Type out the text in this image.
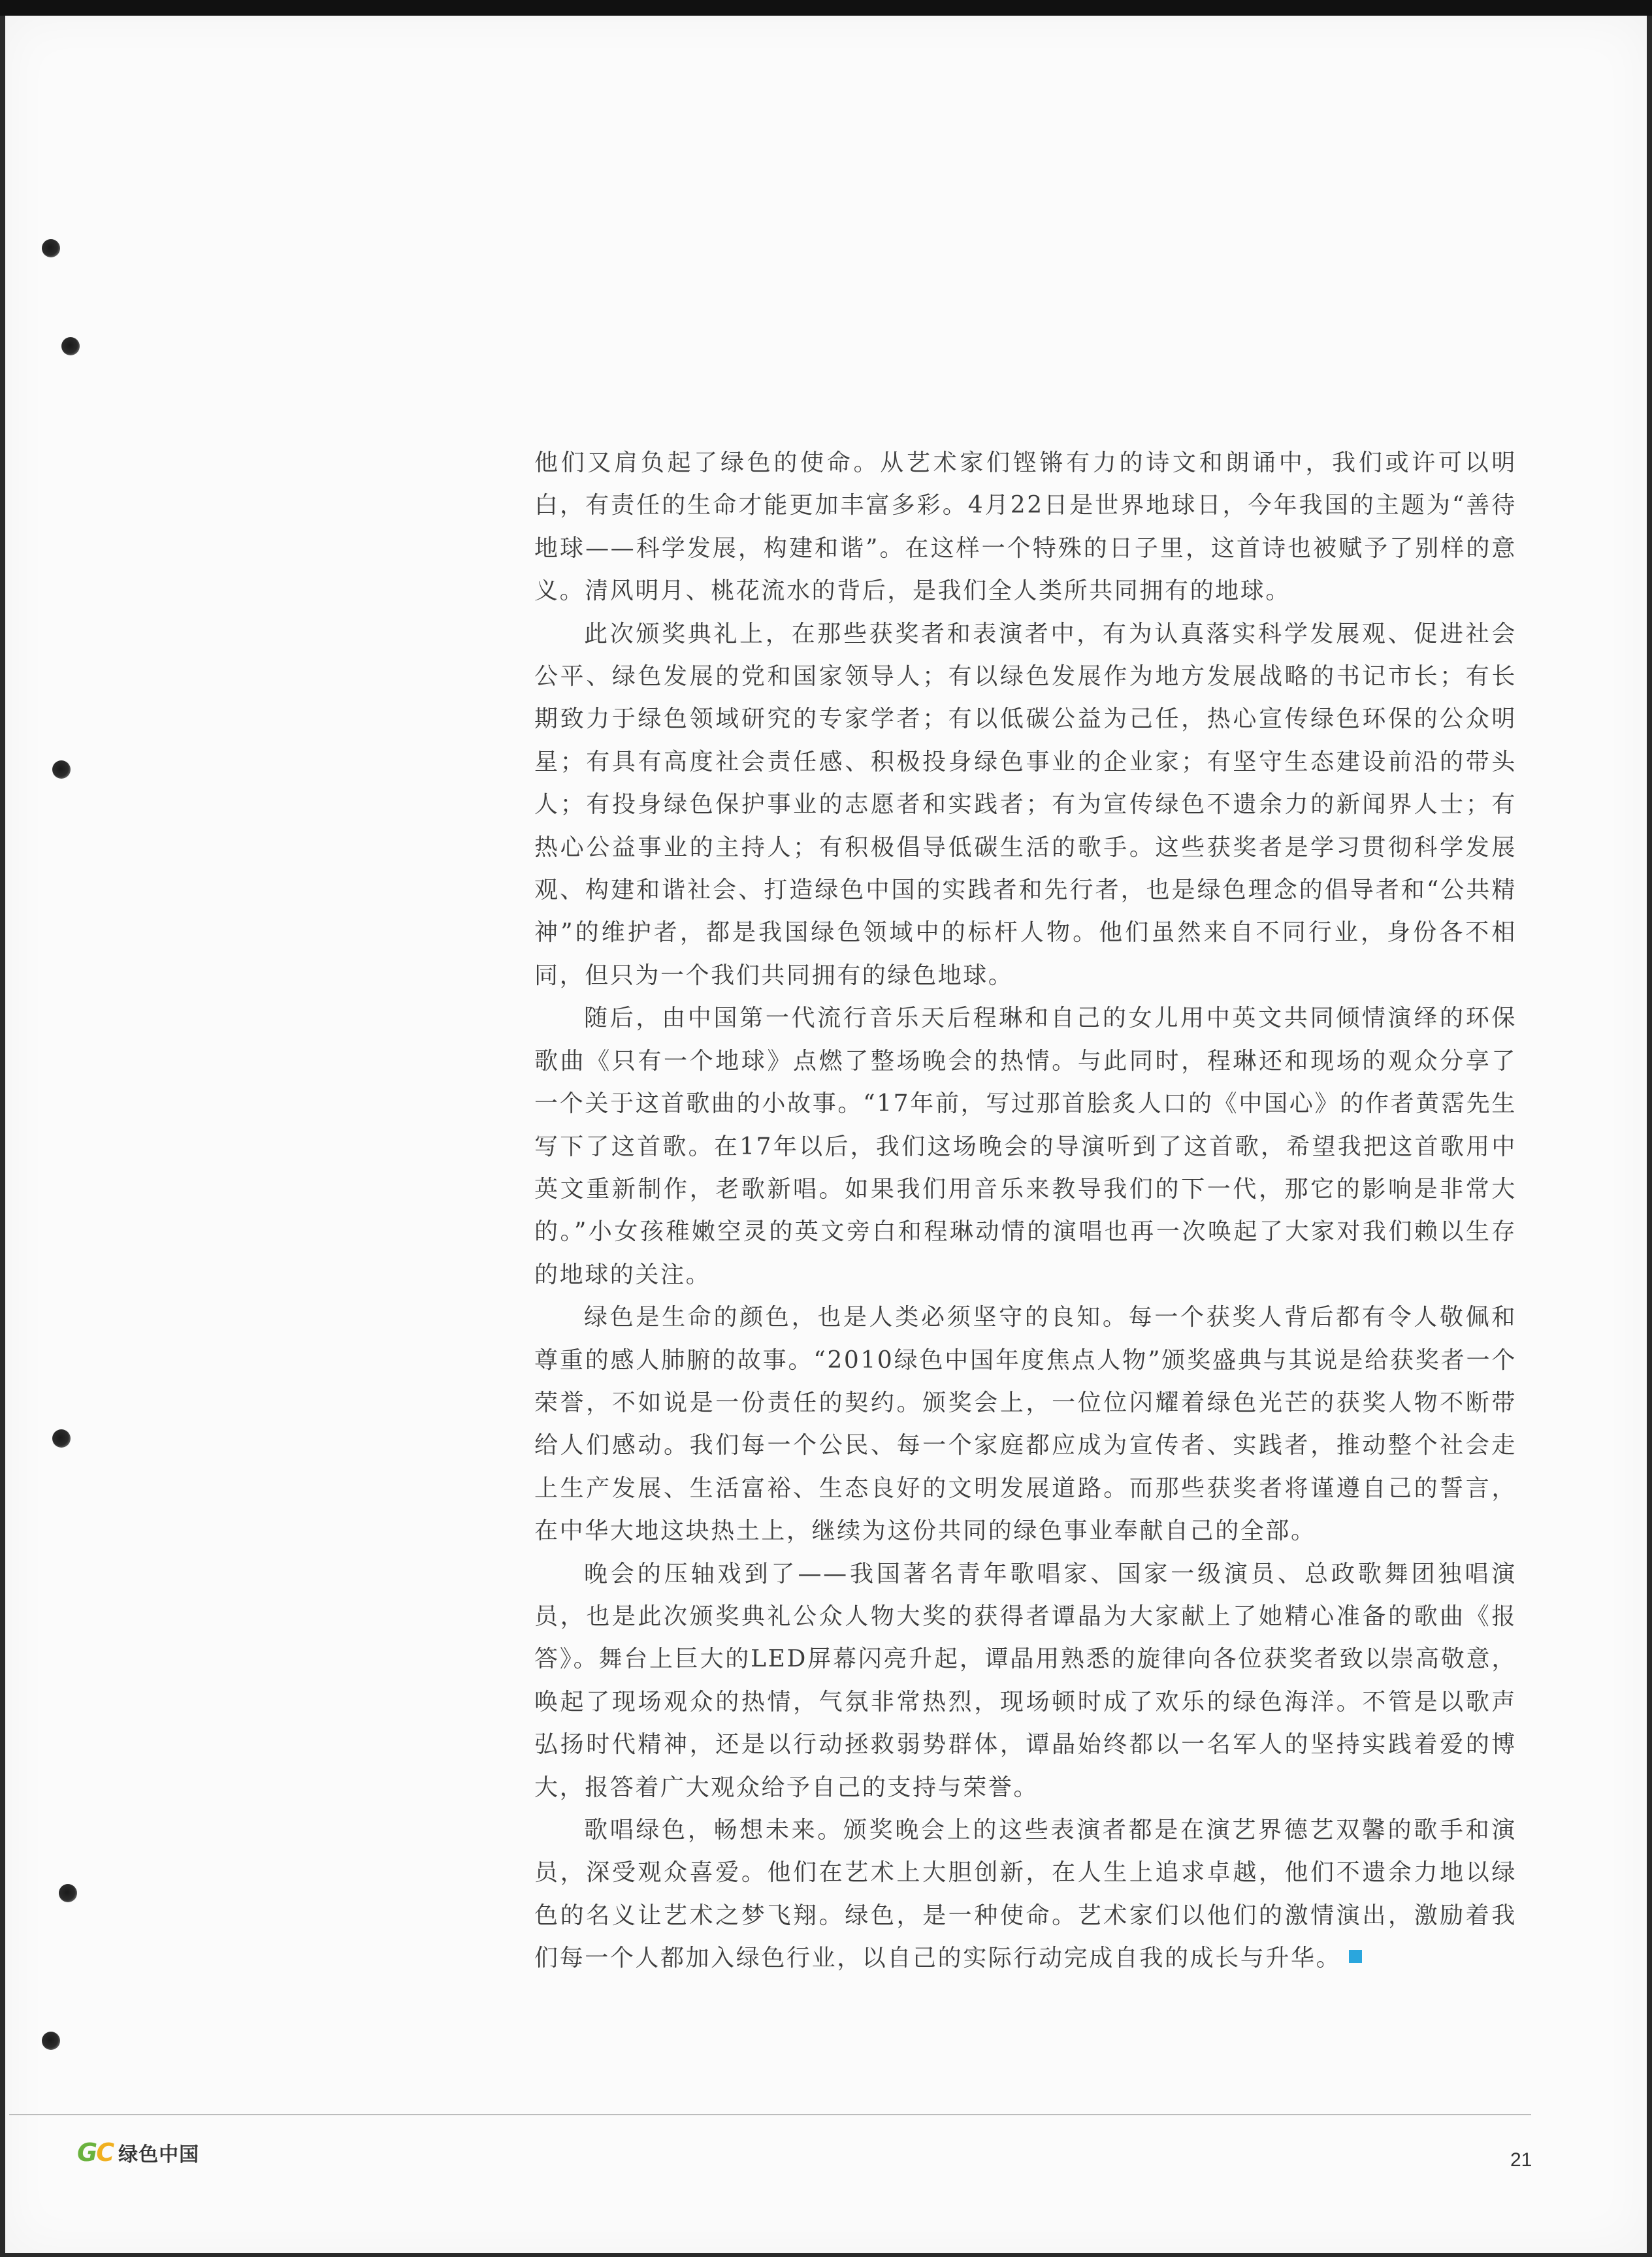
他们又肩负起了绿色的使命。从艺术家们铿锵有力的诗文和朗诵中，我们或许可以明白，有责任的生命才能更加丰富多彩。4月22日是世界地球日，今年我国的主题为“善待地球——科学发展，构建和谐”。在这样一个特殊的日子里，这首诗也被赋予了别样的意义。清风明月、桃花流水的背后，是我们全人类所共同拥有的地球。

此次颁奖典礼上，在那些获奖者和表演者中，有为认真落实科学发展观、促进社会公平、绿色发展的党和国家领导人；有以绿色发展作为地方发展战略的书记市长；有长期致力于绿色领域研究的专家学者；有以低碳公益为己任，热心宣传绿色环保的公众明星；有具有高度社会责任感、积极投身绿色事业的企业家；有坚守生态建设前沿的带头人；有投身绿色保护事业的志愿者和实践者；有为宣传绿色不遗余力的新闻界人士；有热心公益事业的主持人；有积极倡导低碳生活的歌手。这些获奖者是学习贯彻科学发展观、构建和谐社会、打造绿色中国的实践者和先行者，也是绿色理念的倡导者和“公共精神”的维护者，都是我国绿色领域中的标杆人物。他们虽然来自不同行业，身份各不相同，但只为一个我们共同拥有的绿色地球。

随后，由中国第一代流行音乐天后程琳和自己的女儿用中英文共同倾情演绎的环保歌曲《只有一个地球》点燃了整场晚会的热情。与此同时，程琳还和现场的观众分享了一个关于这首歌曲的小故事。“17年前，写过那首脍炙人口的《中国心》的作者黄霑先生写下了这首歌。在17年以后，我们这场晚会的导演听到了这首歌，希望我把这首歌用中英文重新制作，老歌新唱。如果我们用音乐来教导我们的下一代，那它的影响是非常大的。”小女孩稚嫩空灵的英文旁白和程琳动情的演唱也再一次唤起了大家对我们赖以生存的地球的关注。

绿色是生命的颜色，也是人类必须坚守的良知。每一个获奖人背后都有令人敬佩和尊重的感人肺腑的故事。“2010绿色中国年度焦点人物”颁奖盛典与其说是给获奖者一个荣誉，不如说是一份责任的契约。颁奖会上，一位位闪耀着绿色光芒的获奖人物不断带给人们感动。我们每一个公民、每一个家庭都应成为宣传者、实践者，推动整个社会走上生产发展、生活富裕、生态良好的文明发展道路。而那些获奖者将谨遵自己的誓言，在中华大地这块热土上，继续为这份共同的绿色事业奉献自己的全部。

晚会的压轴戏到了——我国著名青年歌唱家、国家一级演员、总政歌舞团独唱演员，也是此次颁奖典礼公众人物大奖的获得者谭晶为大家献上了她精心准备的歌曲《报答》。舞台上巨大的LED屏幕闪亮升起，谭晶用熟悉的旋律向各位获奖者致以崇高敬意，唤起了现场观众的热情，气氛非常热烈，现场顿时成了欢乐的绿色海洋。不管是以歌声弘扬时代精神，还是以行动拯救弱势群体，谭晶始终都以一名军人的坚持实践着爱的博大，报答着广大观众给予自己的支持与荣誉。

歌唱绿色，畅想未来。颁奖晚会上的这些表演者都是在演艺界德艺双馨的歌手和演员，深受观众喜爱。他们在艺术上大胆创新，在人生上追求卓越，他们不遗余力地以绿色的名义让艺术之梦飞翔。绿色，是一种使命。艺术家们以他们的激情演出，激励着我们每一个人都加入绿色行业，以自己的实际行动完成自我的成长与升华。

GC 绿色中国	21
